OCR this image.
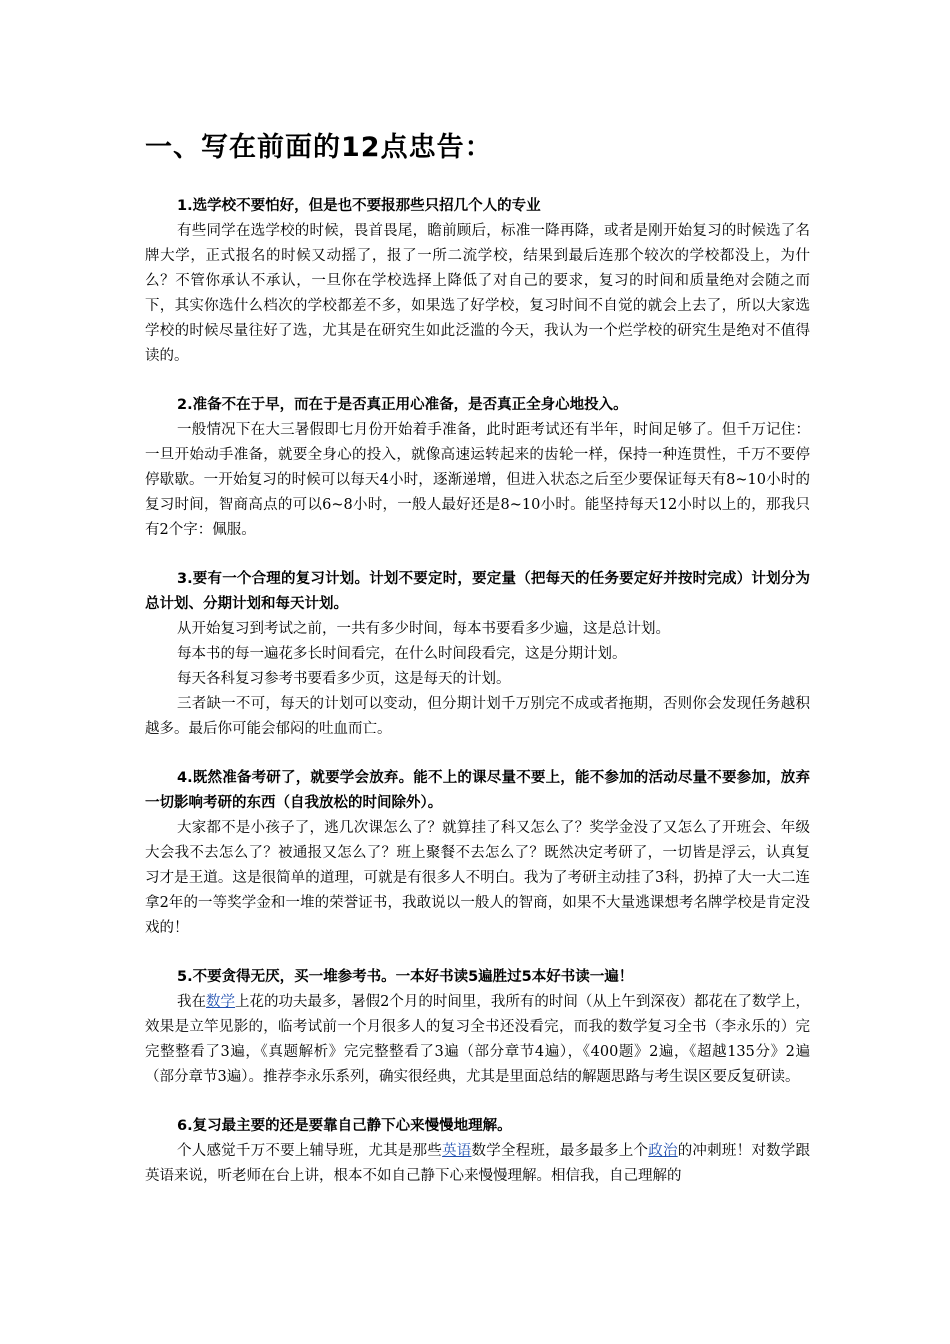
一、写在前面的12点忠告：

1.选学校不要怕好，但是也不要报那些只招几个人的专业

有些同学在选学校的时候，畏首畏尾，瞻前顾后，标准一降再降，或者是刚开始复习的时候选了名牌大学，正式报名的时候又动摇了，报了一所二流学校，结果到最后连那个较次的学校都没上，为什么？不管你承认不承认，一旦你在学校选择上降低了对自己的要求，复习的时间和质量绝对会随之而下，其实你选什么档次的学校都差不多，如果选了好学校，复习时间不自觉的就会上去了，所以大家选学校的时候尽量往好了选，尤其是在研究生如此泛滥的今天，我认为一个烂学校的研究生是绝对不值得读的。

2.准备不在于早，而在于是否真正用心准备，是否真正全身心地投入。

一般情况下在大三暑假即七月份开始着手准备，此时距考试还有半年，时间足够了。但千万记住：一旦开始动手准备，就要全身心的投入，就像高速运转起来的齿轮一样，保持一种连贯性，千万不要停停歇歇。一开始复习的时候可以每天4小时，逐渐递增，但进入状态之后至少要保证每天有8~10小时的复习时间，智商高点的可以6~8小时，一般人最好还是8~10小时。能坚持每天12小时以上的，那我只有2个字：佩服。

3.要有一个合理的复习计划。计划不要定时，要定量（把每天的任务要定好并按时完成）计划分为总计划、分期计划和每天计划。

从开始复习到考试之前，一共有多少时间，每本书要看多少遍，这是总计划。

每本书的每一遍花多长时间看完，在什么时间段看完，这是分期计划。

每天各科复习参考书要看多少页，这是每天的计划。

三者缺一不可，每天的计划可以变动，但分期计划千万别完不成或者拖期，否则你会发现任务越积越多。最后你可能会郁闷的吐血而亡。

4.既然准备考研了，就要学会放弃。能不上的课尽量不要上，能不参加的活动尽量不要参加，放弃一切影响考研的东西（自我放松的时间除外）。

大家都不是小孩子了，逃几次课怎么了？就算挂了科又怎么了？奖学金没了又怎么了开班会、年级大会我不去怎么了？被通报又怎么了？班上聚餐不去怎么了？既然决定考研了，一切皆是浮云，认真复习才是王道。这是很简单的道理，可就是有很多人不明白。我为了考研主动挂了3科，扔掉了大一大二连拿2年的一等奖学金和一堆的荣誉证书，我敢说以一般人的智商，如果不大量逃课想考名牌学校是肯定没戏的！

5.不要贪得无厌，买一堆参考书。一本好书读5遍胜过5本好书读一遍！

我在数学上花的功夫最多，暑假2个月的时间里，我所有的时间（从上午到深夜）都花在了数学上，效果是立竿见影的，临考试前一个月很多人的复习全书还没看完，而我的数学复习全书（李永乐的）完完整整看了3遍，《真题解析》完完整整看了3遍（部分章节4遍），《400题》2遍，《超越135分》2遍（部分章节3遍）。推荐李永乐系列，确实很经典，尤其是里面总结的解题思路与考生误区要反复研读。

6.复习最主要的还是要靠自己静下心来慢慢地理解。

个人感觉千万不要上辅导班，尤其是那些英语数学全程班，最多最多上个政治的冲刺班！对数学跟英语来说，听老师在台上讲，根本不如自己静下心来慢慢理解。相信我，自己理解的
